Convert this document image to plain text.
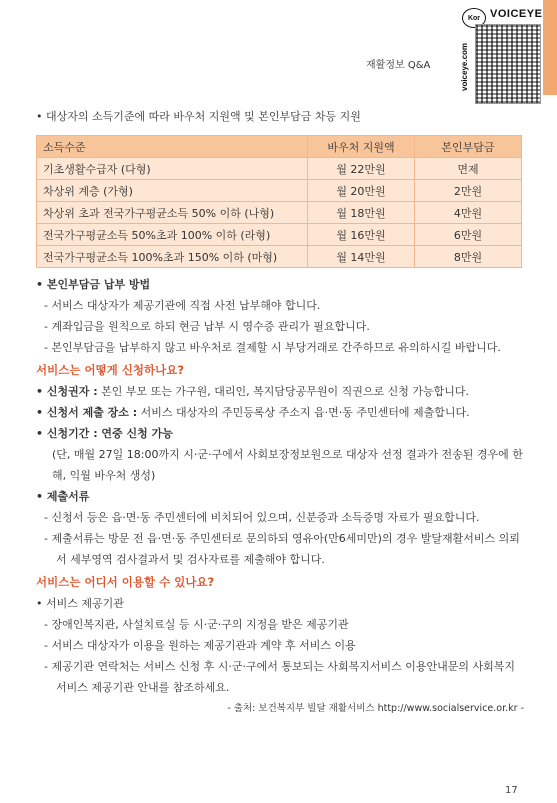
Kor VOICEYE
voiceye.com
재활정보 Q&A
• 대상자의 소득기준에 따라 바우처 지원액 및 본인부담금 차등 지원
소득수준	바우처 지원액	본인부담금
기초생활수급자 (다형)	월 22만원	면제
차상위 계층 (가형)	월 20만원	2만원
차상위 초과 전국가구평균소득 50% 이하 (나형)	월 18만원	4만원
전국가구평균소득 50%초과 100% 이하 (라형)	월 16만원	6만원
전국가구평균소득 100%초과 150% 이하 (마형)	월 14만원	8만원
• 본인부담금 납부 방법
- 서비스 대상자가 제공기관에 직접 사전 납부해야 합니다.
- 계좌입금을 원칙으로 하되 현금 납부 시 영수증 관리가 필요합니다.
- 본인부담금을 납부하지 않고 바우처로 결제할 시 부당거래로 간주하므로 유의하시길 바랍니다.
서비스는 어떻게 신청하나요?
• 신청권자 : 본인 부모 또는 가구원, 대리인, 복지담당공무원이 직권으로 신청 가능합니다.
• 신청서 제출 장소 : 서비스 대상자의 주민등록상 주소지 읍·면·동 주민센터에 제출합니다.
• 신청기간 : 연중 신청 가능
(단, 매월 27일 18:00까지 시·군·구에서 사회보장정보원으로 대상자 선정 결과가 전송된 경우에 한해, 익월 바우처 생성)
• 제출서류
- 신청서 등은 읍·면·동 주민센터에 비치되어 있으며, 신분증과 소득증명 자료가 필요합니다.
- 제출서류는 방문 전 읍·면·동 주민센터로 문의하되 영유아(만6세미만)의 경우 발달재활서비스 의뢰서 세부영역 검사결과서 및 검사자료를 제출해야 합니다.
서비스는 어디서 이용할 수 있나요?
• 서비스 제공기관
- 장애인복지관, 사설치료실 등 시·군·구의 지정을 받은 제공기관
- 서비스 대상자가 이용을 원하는 제공기관과 계약 후 서비스 이용
- 제공기관 연락처는 서비스 신청 후 시·군·구에서 통보되는 사회복지서비스 이용안내문의 사회복지서비스 제공기관 안내를 참조하세요.
- 출처: 보건복지부 빌달 재활서비스 http://www.socialservice.or.kr -
17
